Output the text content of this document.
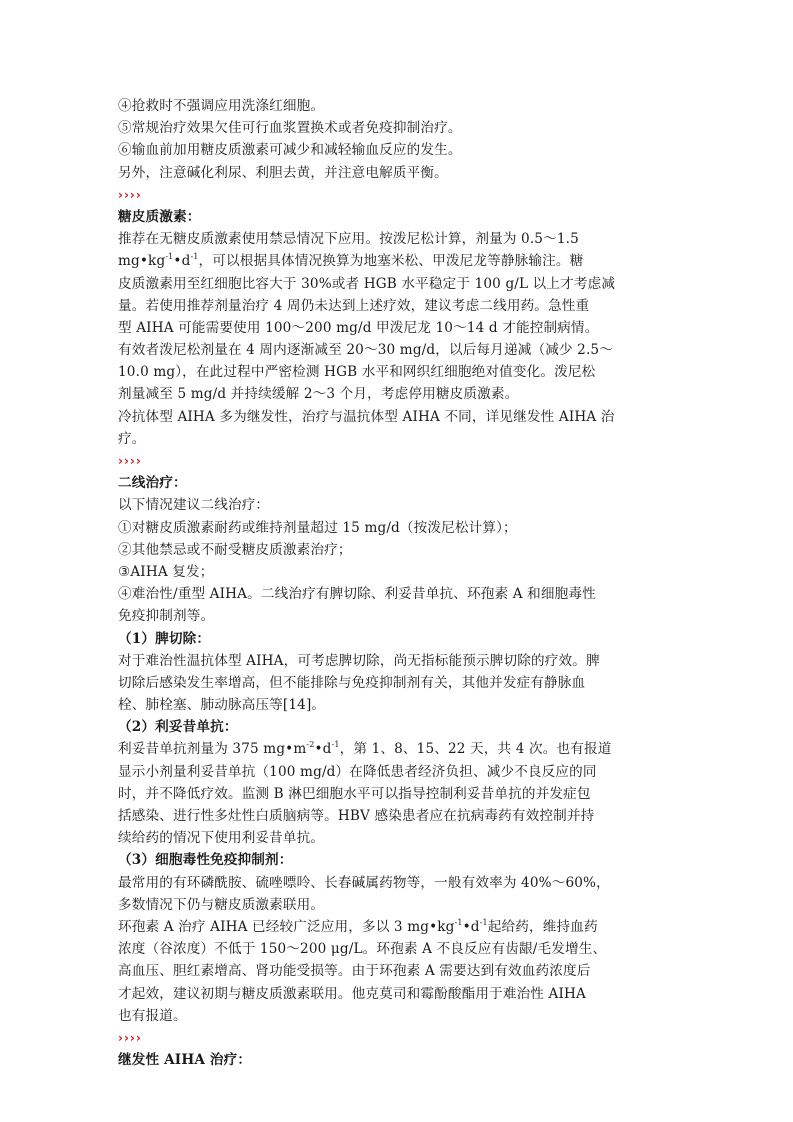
④抢救时不强调应用洗涤红细胞。
⑤常规治疗效果欠佳可行血浆置换术或者免疫抑制治疗。
⑥输血前加用糖皮质激素可减少和减轻输血反应的发生。
另外，注意碱化利尿、利胆去黄，并注意电解质平衡。
››››
糖皮质激素：
推荐在无糖皮质激素使用禁忌情况下应用。按泼尼松计算，剂量为 0.5～1.5
$mg•kg^{-1}•d^{-1}$，可以根据具体情况换算为地塞米松、甲泼尼龙等静脉输注。糖
皮质激素用至红细胞比容大于 30%或者 HGB 水平稳定于 100 g/L 以上才考虑减
量。若使用推荐剂量治疗 4 周仍未达到上述疗效，建议考虑二线用药。急性重
型 AIHA 可能需要使用 100～200 mg/d 甲泼尼龙 10～14 d 才能控制病情。
有效者泼尼松剂量在 4 周内逐渐减至 20～30 mg/d，以后每月递减（减少 2.5～
10.0 mg），在此过程中严密检测 HGB 水平和网织红细胞绝对值变化。泼尼松
剂量减至 5 mg/d 并持续缓解 2～3 个月，考虑停用糖皮质激素。
冷抗体型 AIHA 多为继发性，治疗与温抗体型 AIHA 不同，详见继发性 AIHA 治
疗。
››››
二线治疗：
以下情况建议二线治疗：
①对糖皮质激素耐药或维持剂量超过 15 mg/d（按泼尼松计算）；
②其他禁忌或不耐受糖皮质激素治疗；
③AIHA 复发；
④难治性/重型 AIHA。二线治疗有脾切除、利妥昔单抗、环孢素 A 和细胞毒性
免疫抑制剂等。
（1）脾切除：
对于难治性温抗体型 AIHA，可考虑脾切除，尚无指标能预示脾切除的疗效。脾
切除后感染发生率增高，但不能排除与免疫抑制剂有关，其他并发症有静脉血
栓、肺栓塞、肺动脉高压等[14]。
（2）利妥昔单抗：
利妥昔单抗剂量为 375 $mg•m^{-2}•d^{-1}$，第 1、8、15、22 天，共 4 次。也有报道
显示小剂量利妥昔单抗（100 mg/d）在降低患者经济负担、减少不良反应的同
时，并不降低疗效。监测 B 淋巴细胞水平可以指导控制利妥昔单抗的并发症包
括感染、进行性多灶性白质脑病等。HBV 感染患者应在抗病毒药有效控制并持
续给药的情况下使用利妥昔单抗。
（3）细胞毒性免疫抑制剂：
最常用的有环磷酰胺、硫唑嘌呤、长春碱属药物等，一般有效率为 40%～60%，
多数情况下仍与糖皮质激素联用。
环孢素 A 治疗 AIHA 已经较广泛应用，多以 3 $mg•kg^{-1}•d^{-1}$起给药，维持血药
浓度（谷浓度）不低于 150～200 μg/L。环孢素 A 不良反应有齿龈/毛发增生、
高血压、胆红素增高、肾功能受损等。由于环孢素 A 需要达到有效血药浓度后
才起效，建议初期与糖皮质激素联用。他克莫司和霉酚酸酯用于难治性 AIHA
也有报道。
››››
继发性 AIHA 治疗：
